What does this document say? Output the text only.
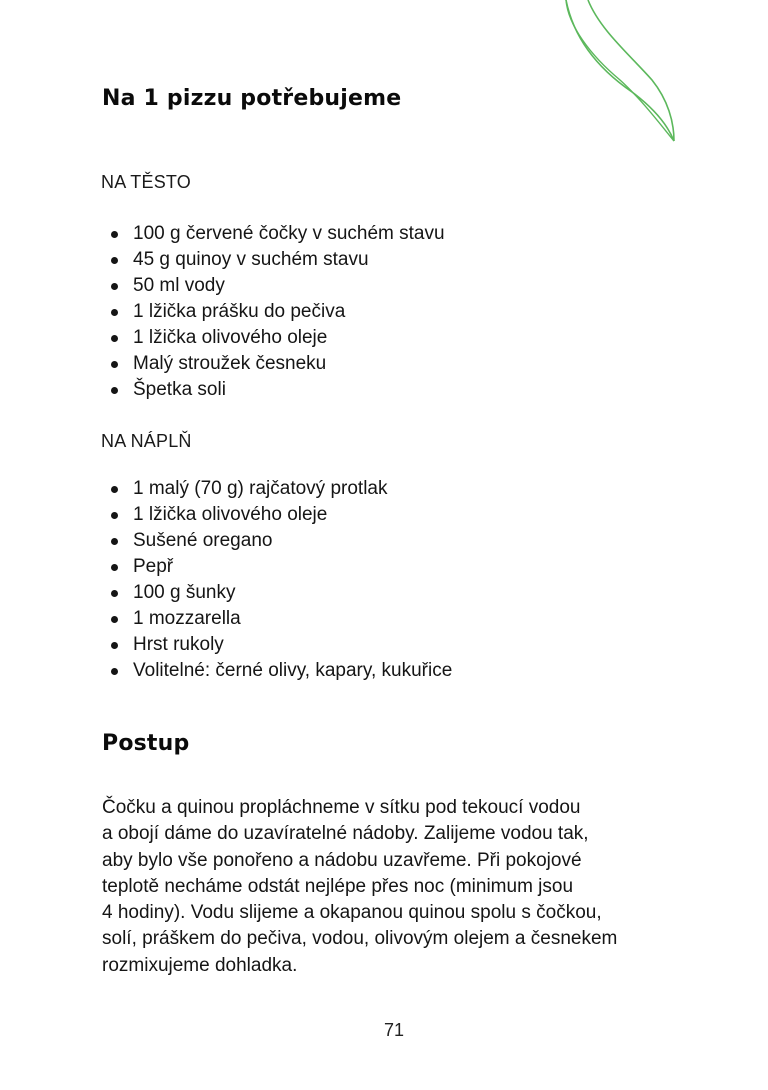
Na 1 pizzu potřebujeme

NA TĚSTO

100 g červené čočky v suchém stavu
45 g quinoy v suchém stavu
50 ml vody
1 lžička prášku do pečiva
1 lžička olivového oleje
Malý stroužek česneku
Špetka soli

NA NÁPLŇ

1 malý (70 g) rajčatový protlak
1 lžička olivového oleje
Sušené oregano
Pepř
100 g šunky
1 mozzarella
Hrst rukoly
Volitelné: černé olivy, kapary, kukuřice
Postup

Čočku a quinou propláchneme v sítku pod tekoucí vodou
a obojí dáme do uzavíratelné nádoby. Zalijeme vodou tak,
aby bylo vše ponořeno a nádobu uzavřeme. Při pokojové
teplotě necháme odstát nejlépe přes noc (minimum jsou
4 hodiny). Vodu slijeme a okapanou quinou spolu s čočkou,
solí, práškem do pečiva, vodou, olivovým olejem a česnekem
rozmixujeme dohladka.

71
